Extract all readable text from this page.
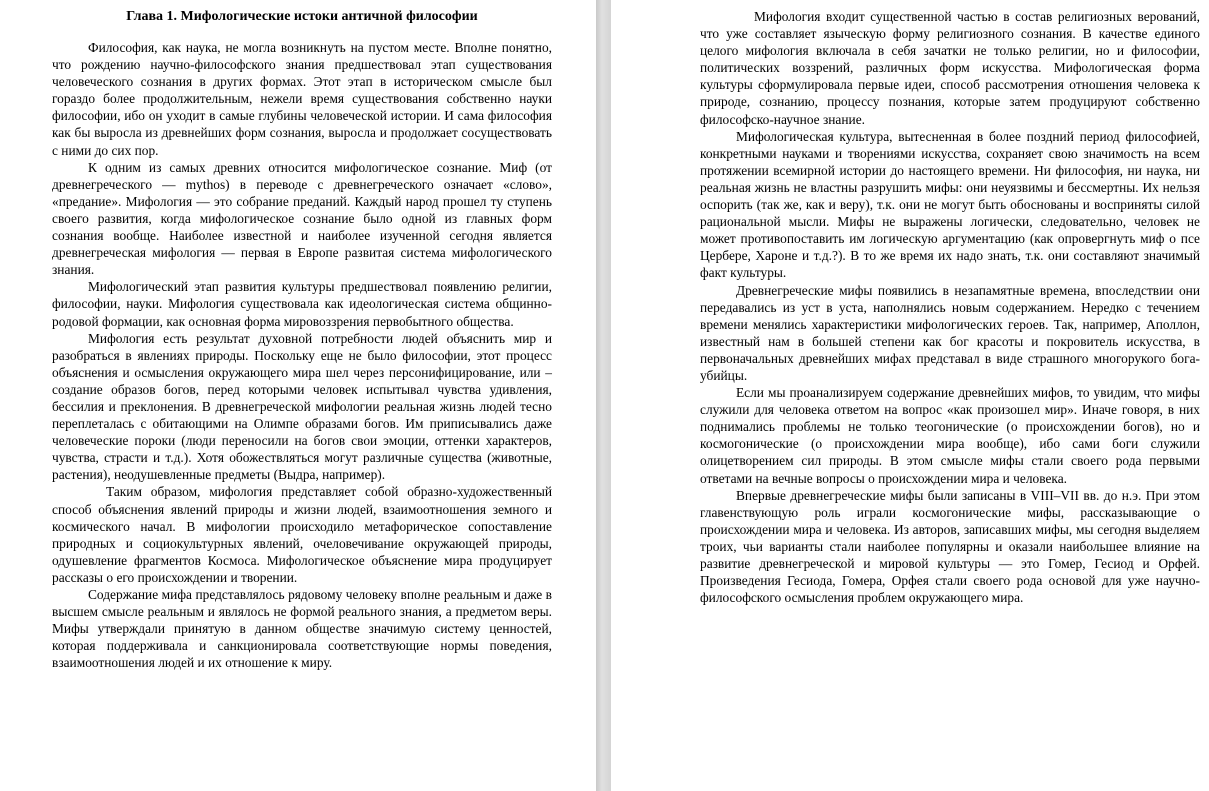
Глава 1. Мифологические истоки античной философии

Философия, как наука, не могла возникнуть на пустом месте. Вполне понятно, что рождению научно-философского знания предшествовал этап существования человеческого сознания в других формах. Этот этап в историческом смысле был гораздо более продолжительным, нежели время существования собственно науки философии, ибо он уходит в самые глубины человеческой истории. И сама философия как бы выросла из древнейших форм сознания, выросла и продолжает сосуществовать с ними до сих пор.

К одним из самых древних относится мифологическое сознание. Миф (от древнегреческого — mythos) в переводе с древнегреческого означает «слово», «предание». Мифология — это собрание преданий. Каждый народ прошел ту ступень своего развития, когда мифологическое сознание было одной из главных форм сознания вообще. Наиболее известной и наиболее изученной сегодня является древнегреческая мифология — первая в Европе развитая система мифологического знания.

Мифологический этап развития культуры предшествовал появлению религии, философии, науки. Мифология существовала как идеологическая система общинно-родовой формации, как основная форма мировоззрения первобытного общества.

Мифология есть результат духовной потребности людей объяснить мир и разобраться в явлениях природы. Поскольку еще не было философии, этот процесс объяснения и осмысления окружающего мира шел через персонифицирование, или – создание образов богов, перед которыми человек испытывал чувства удивления, бессилия и преклонения. В древнегреческой мифологии реальная жизнь людей тесно переплеталась с обитающими на Олимпе образами богов. Им приписывались даже человеческие пороки (люди переносили на богов свои эмоции, оттенки характеров, чувства, страсти и т.д.). Хотя обожествляться могут различные существа (животные, растения), неодушевленные предметы (Выдра, например).

Таким образом, мифология представляет собой образно-художественный способ объяснения явлений природы и жизни людей, взаимоотношения земного и космического начал. В мифологии происходило метафорическое сопоставление природных и социокультурных явлений, очеловечивание окружающей природы, одушевление фрагментов Космоса. Мифологическое объяснение мира продуцирует рассказы о его происхождении и творении.

Содержание мифа представлялось рядовому человеку вполне реальным и даже в высшем смысле реальным и являлось не формой реального знания, а предметом веры. Мифы утверждали принятую в данном обществе значимую систему ценностей, которая поддерживала и санкционировала соответствующие нормы поведения, взаимоотношения людей и их отношение к миру.

Мифология входит существенной частью в состав религиозных верований, что уже составляет языческую форму религиозного сознания. В качестве единого целого мифология включала в себя зачатки не только религии, но и философии, политических воззрений, различных форм искусства. Мифологическая форма культуры сформулировала первые идеи, способ рассмотрения отношения человека к природе, сознанию, процессу познания, которые затем продуцируют собственно философско-научное знание.

Мифологическая культура, вытесненная в более поздний период философией, конкретными науками и творениями искусства, сохраняет свою значимость на всем протяжении всемирной истории до настоящего времени. Ни философия, ни наука, ни реальная жизнь не властны разрушить мифы: они неуязвимы и бессмертны. Их нельзя оспорить (так же, как и веру), т.к. они не могут быть обоснованы и восприняты силой рациональной мысли. Мифы не выражены логически, следовательно, человек не может противопоставить им логическую аргументацию (как опровергнуть миф о псе Цербере, Хароне и т.д.?). В то же время их надо знать, т.к. они составляют значимый факт культуры.

Древнегреческие мифы появились в незапамятные времена, впоследствии они передавались из уст в уста, наполнялись новым содержанием. Нередко с течением времени менялись характеристики мифологических героев. Так, например, Аполлон, известный нам в большей степени как бог красоты и покровитель искусства, в первоначальных древнейших мифах представал в виде страшного многорукого бога-убийцы.

Если мы проанализируем содержание древнейших мифов, то увидим, что мифы служили для человека ответом на вопрос «как произошел мир». Иначе говоря, в них поднимались проблемы не только теогонические (о происхождении богов), но и космогонические (о происхождении мира вообще), ибо сами боги служили олицетворением сил природы. В этом смысле мифы стали своего рода первыми ответами на вечные вопросы о происхождении мира и человека.

Впервые древнегреческие мифы были записаны в VIII–VII вв. до н.э. При этом главенствующую роль играли космогонические мифы, рассказывающие о происхождении мира и человека. Из авторов, записавших мифы, мы сегодня выделяем троих, чьи варианты стали наиболее популярны и оказали наибольшее влияние на развитие древнегреческой и мировой культуры — это Гомер, Гесиод и Орфей. Произведения Гесиода, Гомера, Орфея стали своего рода основой для уже научно-философского осмысления проблем окружающего мира.
